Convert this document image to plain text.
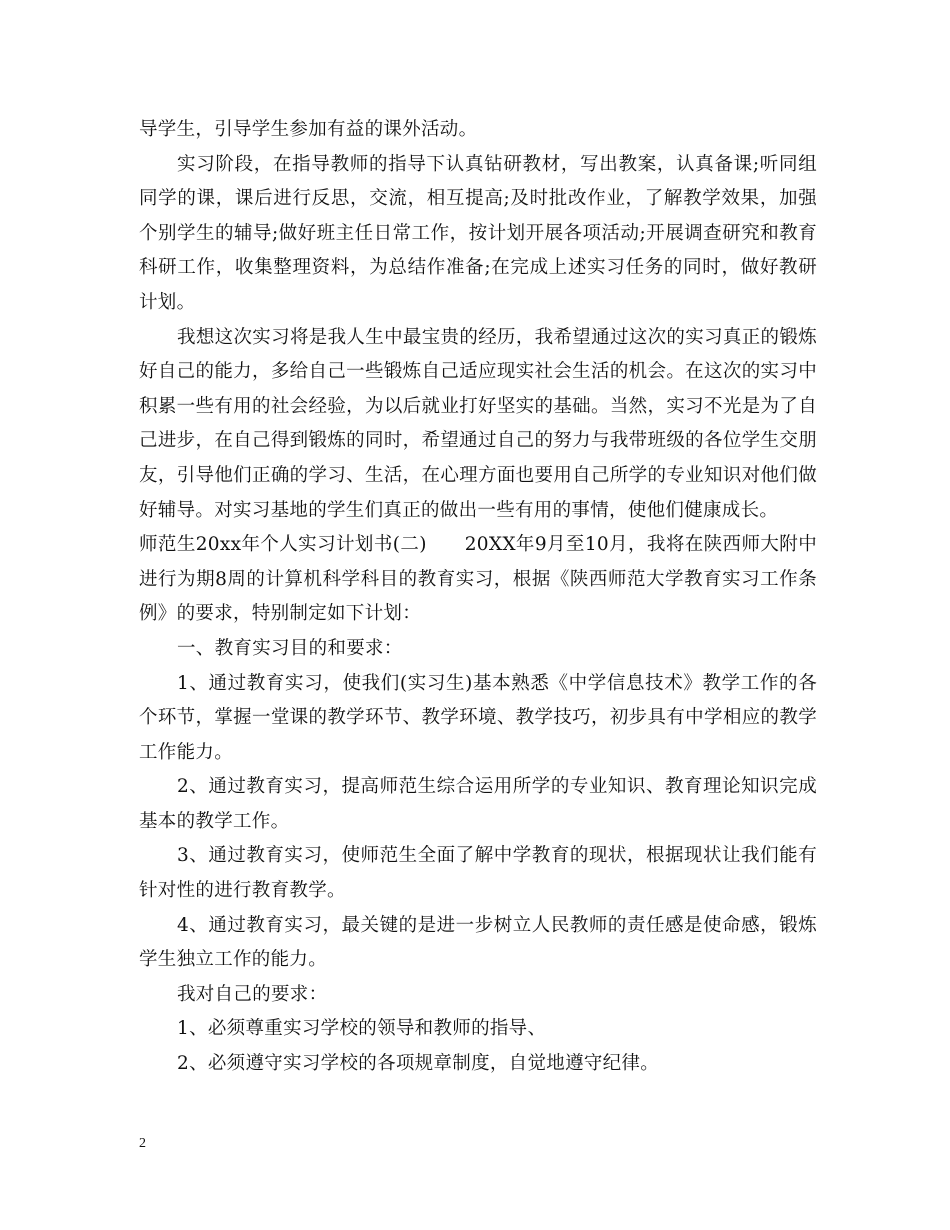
导学生，引导学生参加有益的课外活动。

实习阶段，在指导教师的指导下认真钻研教材，写出教案，认真备课;听同组同学的课，课后进行反思，交流，相互提高;及时批改作业，了解教学效果，加强个别学生的辅导;做好班主任日常工作，按计划开展各项活动;开展调查研究和教育科研工作，收集整理资料，为总结作准备;在完成上述实习任务的同时，做好教研计划。

我想这次实习将是我人生中最宝贵的经历，我希望通过这次的实习真正的锻炼好自己的能力，多给自己一些锻炼自己适应现实社会生活的机会。在这次的实习中积累一些有用的社会经验，为以后就业打好坚实的基础。当然，实习不光是为了自己进步，在自己得到锻炼的同时，希望通过自己的努力与我带班级的各位学生交朋友，引导他们正确的学习、生活，在心理方面也要用自己所学的专业知识对他们做好辅导。对实习基地的学生们真正的做出一些有用的事情，使他们健康成长。

师范生20xx年个人实习计划书(二)　　20XX年9月至10月，我将在陕西师大附中进行为期8周的计算机科学科目的教育实习，根据《陕西师范大学教育实习工作条例》的要求，特别制定如下计划：

一、教育实习目的和要求：

1、通过教育实习，使我们(实习生)基本熟悉《中学信息技术》教学工作的各个环节，掌握一堂课的教学环节、教学环境、教学技巧，初步具有中学相应的教学工作能力。

2、通过教育实习，提高师范生综合运用所学的专业知识、教育理论知识完成基本的教学工作。

3、通过教育实习，使师范生全面了解中学教育的现状，根据现状让我们能有针对性的进行教育教学。

4、通过教育实习，最关键的是进一步树立人民教师的责任感是使命感，锻炼学生独立工作的能力。

我对自己的要求：

1、必须尊重实习学校的领导和教师的指导、

2、必须遵守实习学校的各项规章制度，自觉地遵守纪律。

2
